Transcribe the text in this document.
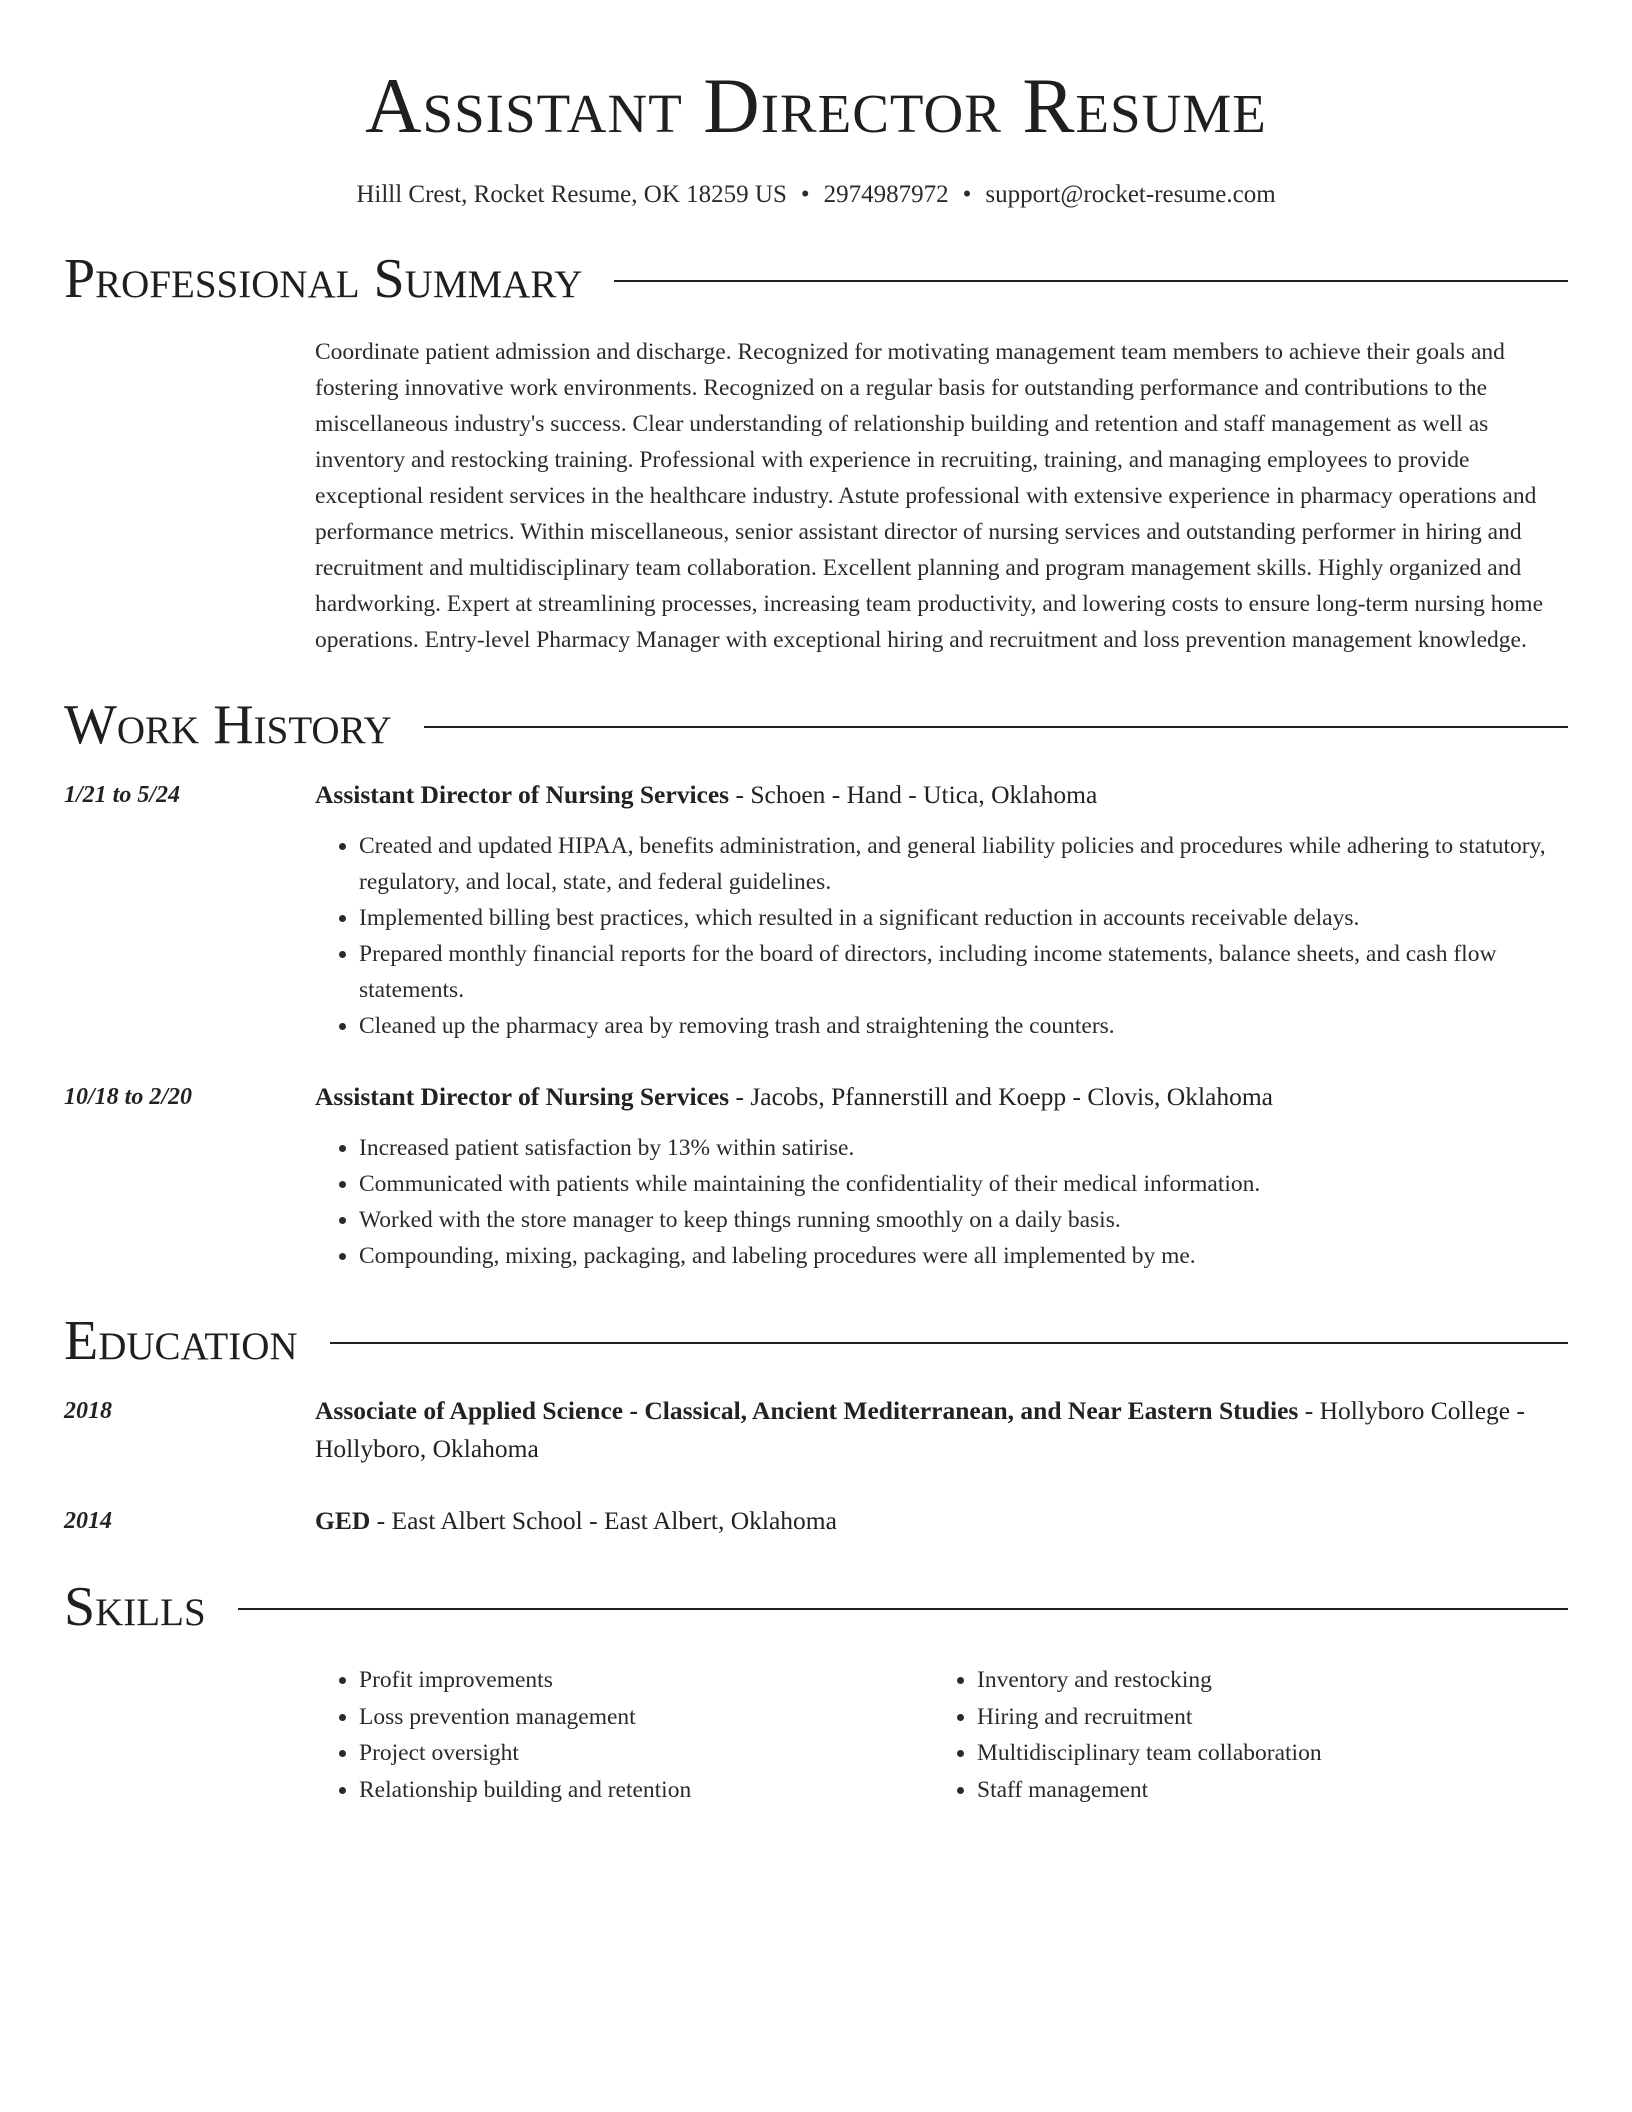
Assistant Director Resume
Hilll Crest, Rocket Resume, OK 18259 US • 2974987972 • support@rocket-resume.com
Professional Summary
Coordinate patient admission and discharge. Recognized for motivating management team members to achieve their goals and fostering innovative work environments. Recognized on a regular basis for outstanding performance and contributions to the miscellaneous industry's success. Clear understanding of relationship building and retention and staff management as well as inventory and restocking training. Professional with experience in recruiting, training, and managing employees to provide exceptional resident services in the healthcare industry. Astute professional with extensive experience in pharmacy operations and performance metrics. Within miscellaneous, senior assistant director of nursing services and outstanding performer in hiring and recruitment and multidisciplinary team collaboration. Excellent planning and program management skills. Highly organized and hardworking. Expert at streamlining processes, increasing team productivity, and lowering costs to ensure long-term nursing home operations. Entry-level Pharmacy Manager with exceptional hiring and recruitment and loss prevention management knowledge.
Work History
1/21 to 5/24	Assistant Director of Nursing Services - Schoen - Hand - Utica, Oklahoma
• Created and updated HIPAA, benefits administration, and general liability policies and procedures while adhering to statutory, regulatory, and local, state, and federal guidelines.
• Implemented billing best practices, which resulted in a significant reduction in accounts receivable delays.
• Prepared monthly financial reports for the board of directors, including income statements, balance sheets, and cash flow statements.
• Cleaned up the pharmacy area by removing trash and straightening the counters.
10/18 to 2/20	Assistant Director of Nursing Services - Jacobs, Pfannerstill and Koepp - Clovis, Oklahoma
• Increased patient satisfaction by 13% within satirise.
• Communicated with patients while maintaining the confidentiality of their medical information.
• Worked with the store manager to keep things running smoothly on a daily basis.
• Compounding, mixing, packaging, and labeling procedures were all implemented by me.
Education
2018	Associate of Applied Science - Classical, Ancient Mediterranean, and Near Eastern Studies - Hollyboro College - Hollyboro, Oklahoma
2014	GED - East Albert School - East Albert, Oklahoma
Skills
• Profit improvements
• Loss prevention management
• Project oversight
• Relationship building and retention
• Inventory and restocking
• Hiring and recruitment
• Multidisciplinary team collaboration
• Staff management
